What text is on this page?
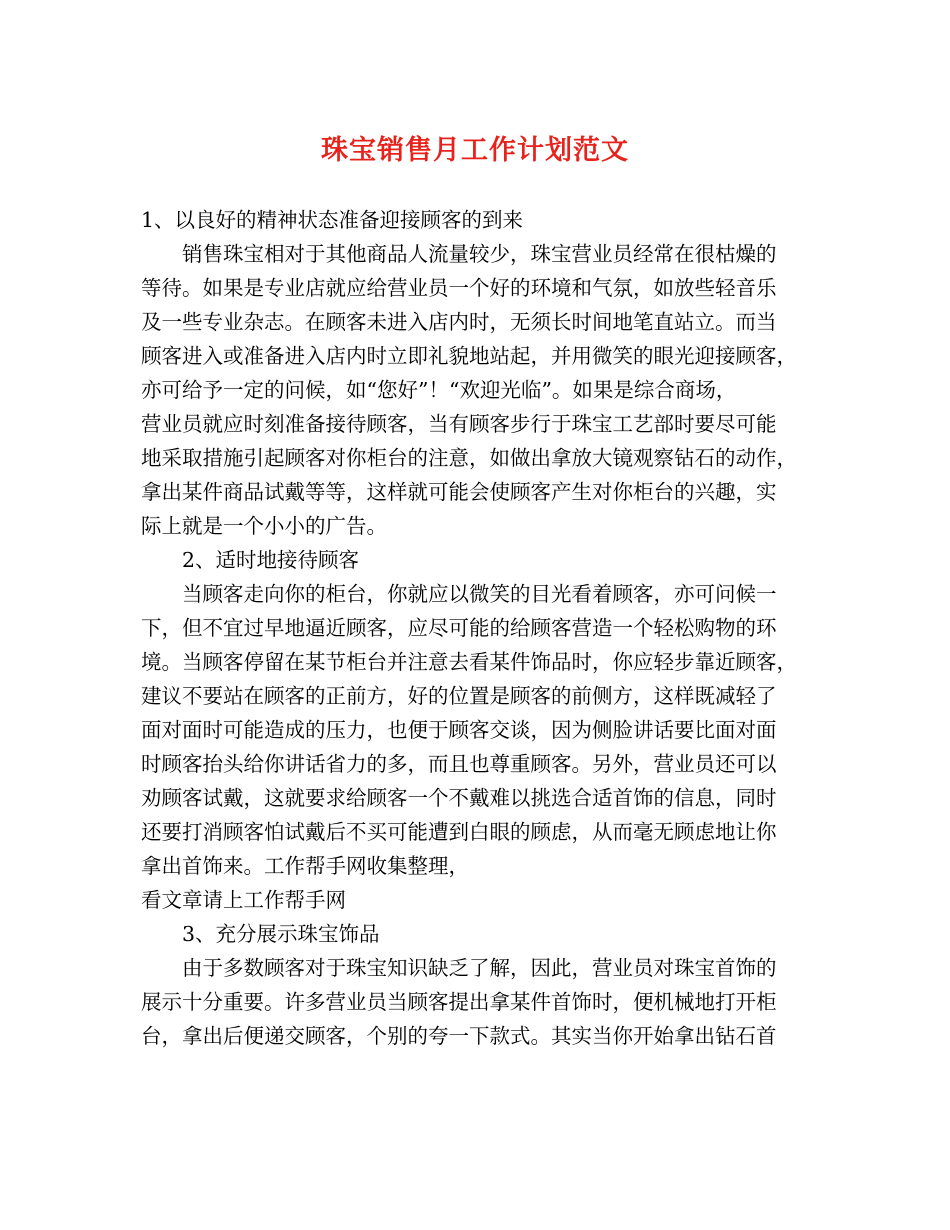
珠宝销售月工作计划范文

1、以良好的精神状态准备迎接顾客的到来

销售珠宝相对于其他商品人流量较少，珠宝营业员经常在很枯燥的

等待。如果是专业店就应给营业员一个好的环境和气氛，如放些轻音乐

及一些专业杂志。在顾客未进入店内时，无须长时间地笔直站立。而当

顾客进入或准备进入店内时立即礼貌地站起，并用微笑的眼光迎接顾客，

亦可给予一定的问候，如“您好”！“欢迎光临”。如果是综合商场，

营业员就应时刻准备接待顾客，当有顾客步行于珠宝工艺部时要尽可能

地采取措施引起顾客对你柜台的注意，如做出拿放大镜观察钻石的动作，

拿出某件商品试戴等等，这样就可能会使顾客产生对你柜台的兴趣，实

际上就是一个小小的广告。

2、适时地接待顾客

当顾客走向你的柜台，你就应以微笑的目光看着顾客，亦可问候一

下，但不宜过早地逼近顾客，应尽可能的给顾客营造一个轻松购物的环

境。当顾客停留在某节柜台并注意去看某件饰品时，你应轻步靠近顾客，

建议不要站在顾客的正前方，好的位置是顾客的前侧方，这样既减轻了

面对面时可能造成的压力，也便于顾客交谈，因为侧脸讲话要比面对面

时顾客抬头给你讲话省力的多，而且也尊重顾客。另外，营业员还可以

劝顾客试戴，这就要求给顾客一个不戴难以挑选合适首饰的信息，同时

还要打消顾客怕试戴后不买可能遭到白眼的顾虑，从而毫无顾虑地让你

拿出首饰来。工作帮手网收集整理，

看文章请上工作帮手网

3、充分展示珠宝饰品

由于多数顾客对于珠宝知识缺乏了解，因此，营业员对珠宝首饰的

展示十分重要。许多营业员当顾客提出拿某件首饰时，便机械地打开柜

台，拿出后便递交顾客，个别的夸一下款式。其实当你开始拿出钻石首
